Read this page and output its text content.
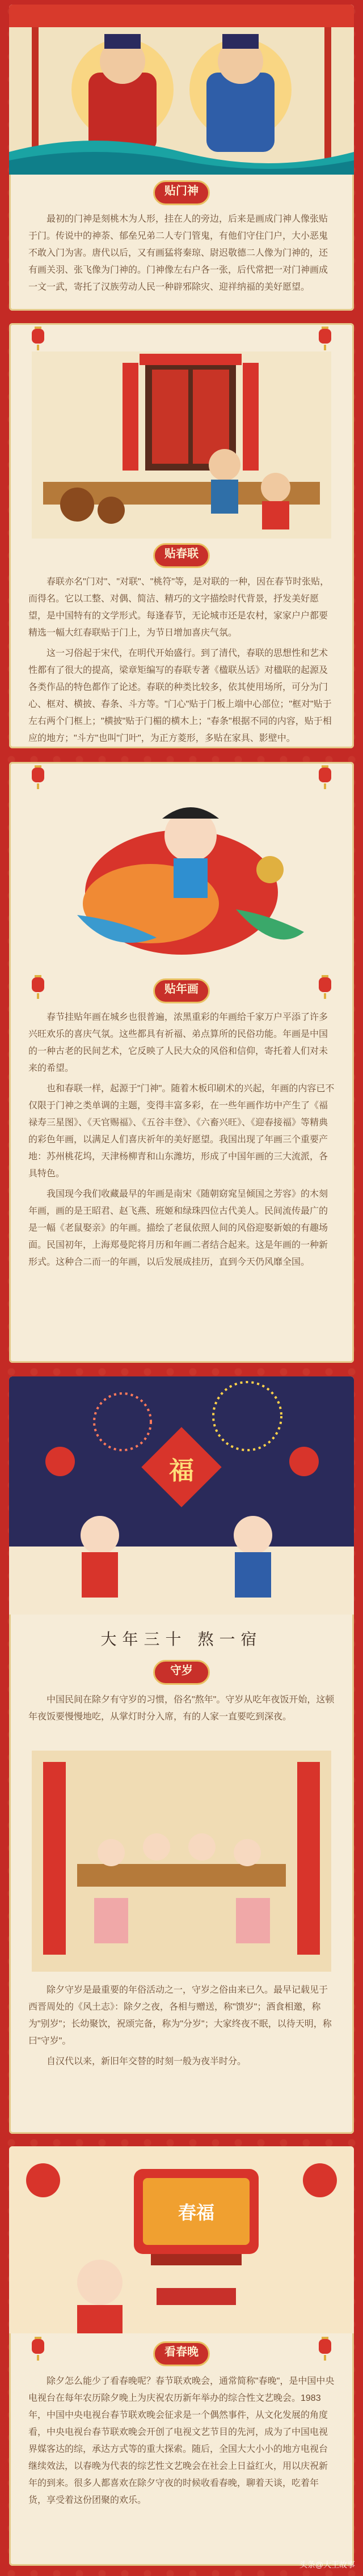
贴门神

最初的门神是刻桃木为人形，挂在人的旁边，后来是画成门神人像张贴于门。传说中的神荼、郁垒兄弟二人专门管鬼，有他们守住门户，大小恶鬼不敢入门为害。唐代以后，又有画猛将秦琼、尉迟敬德二人像为门神的，还有画关羽、张飞像为门神的。门神像左右户各一张，后代常把一对门神画成一文一武，寄托了汉族劳动人民一种辟邪除灾、迎祥纳福的美好愿望。

贴春联

春联亦名"门对"、"对联"、"桃符"等，是对联的一种，因在春节时张贴，而得名。它以工整、对偶、简洁、精巧的文字描绘时代背景，抒发美好愿望，是中国特有的文学形式。每逢春节，无论城市还是农村，家家户户都要精选一幅大红春联贴于门上，为节日增加喜庆气氛。

这一习俗起于宋代，在明代开始盛行。到了清代，春联的思想性和艺术性都有了很大的提高，梁章矩编写的春联专著《楹联丛话》对楹联的起源及各类作品的特色都作了论述。春联的种类比较多，依其使用场所，可分为门心、框对、横披、春条、斗方等。"门心"贴于门板上端中心部位；"框对"贴于左右两个门框上；"横披"贴于门楣的横木上；"春条"根据不同的内容，贴于相应的地方；"斗方"也叫"门叶"，为正方菱形，多贴在家具、影壁中。

贴年画

春节挂贴年画在城乡也很普遍，浓黑重彩的年画给千家万户平添了许多兴旺欢乐的喜庆气氛。这些都具有祈福、弟点算所的民俗功能。年画是中国的一种古老的民间艺术，它反映了人民大众的风俗和信仰，寄托着人们对未来的希望。

也和春联一样，起源于"门神"。随着木板印刷术的兴起，年画的内容已不仅限于门神之类单调的主题，变得丰富多彩，在一些年画作坊中产生了《福禄寿三星图》、《天官赐福》、《五谷丰登》、《六畜兴旺》、《迎春接福》等精典的彩色年画，以满足人们喜庆祈年的美好愿望。我国出现了年画三个重要产地：苏州桃花坞，天津杨柳青和山东潍坊，形成了中国年画的三大流派，各具特色。

我国现今我们收藏最早的年画是南宋《随朝窈窕呈倾国之芳容》的木刻年画，画的是王昭君、赵飞燕、班姬和绿珠四位古代美人。民间流传最广的是一幅《老鼠娶亲》的年画。描绘了老鼠依照人间的风俗迎娶新娘的有趣场面。民国初年，上海郑曼陀将月历和年画二者结合起来。这是年画的一种新形式。这种合二而一的年画，以后发展成挂历，直到今天仍风靡全国。

福
大年三十 熬一宿
守岁

中国民间在除夕有守岁的习惯，俗名"熬年"。守岁从吃年夜饭开始，这顿年夜饭要慢慢地吃，从掌灯时分入席，有的人家一直要吃到深夜。

除夕守岁是最重要的年俗活动之一，守岁之俗由来已久。最早记载见于西晋周处的《风土志》：除夕之夜，各相与赠送，称"馈岁"；酒食相邀，称为"别岁"；长幼聚饮，祝颂完备，称为"分岁"；大家终夜不眠，以待天明，称曰"守岁"。

自汉代以来，新旧年交替的时刻一般为夜半时分。

春福
看春晚

除夕怎么能少了看春晚呢？春节联欢晚会，通常简称"春晚"，是中国中央电视台在每年农历除夕晚上为庆祝农历新年举办的综合性文艺晚会。1983年，中国中央电视台春节联欢晚会征求是一个偶然事件，从文化发展的角度看，中央电视台春节联欢晚会开创了电视文艺节目的先河，成为了中国电视界媒客达的综，承达方式等的重大探索。随后，全国大大小小的地方电视台继续效法，以春晚为代表的综艺性文艺晚会在社会上日益红火，用以庆祝新年的到来。很多人都喜欢在除夕守夜的时候收看春晚，聊着天谈，吃着年货，享受着这份团聚的欢乐。

头条@大王故事
